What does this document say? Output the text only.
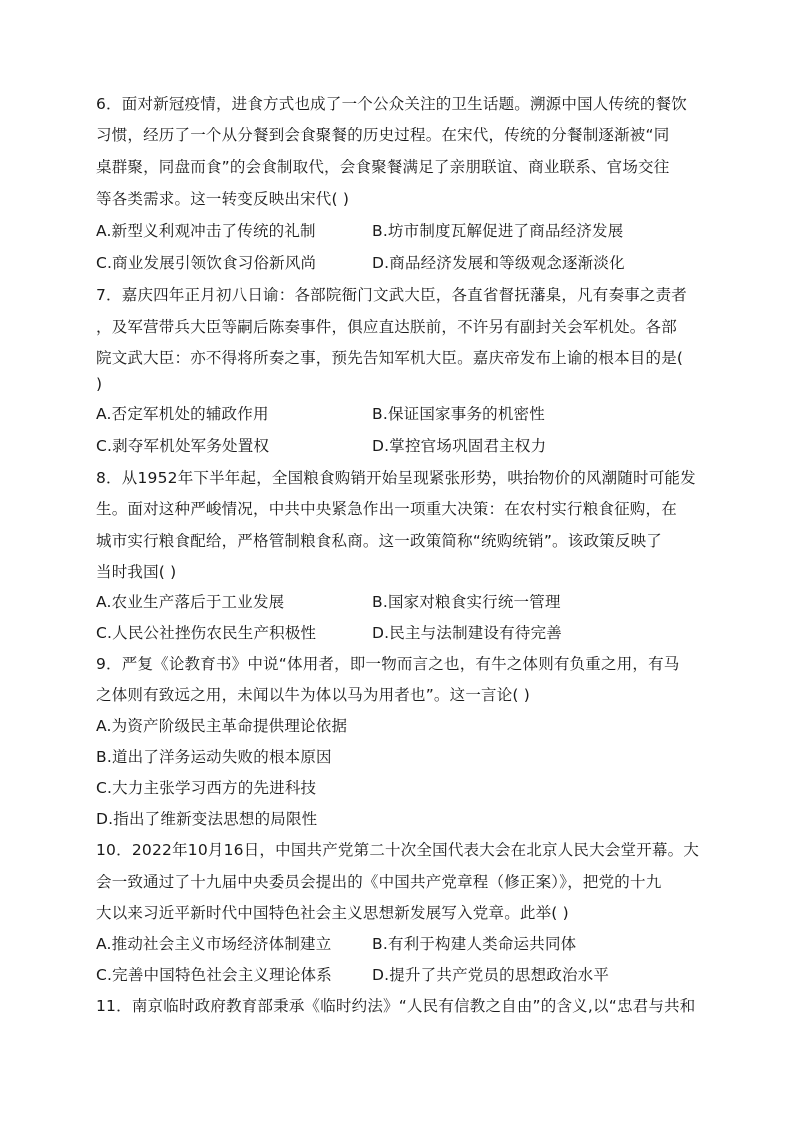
6．面对新冠疫情，进食方式也成了一个公众关注的卫生话题。溯源中国人传统的餐饮
习惯，经历了一个从分餐到会食聚餐的历史过程。在宋代，传统的分餐制逐渐被“同
桌群聚，同盘而食”的会食制取代，会食聚餐满足了亲朋联谊、商业联系、官场交往
等各类需求。这一转变反映出宋代( )
A.新型义利观冲击了传统的礼制	B.坊市制度瓦解促进了商品经济发展
C.商业发展引领饮食习俗新风尚	D.商品经济发展和等级观念逐渐淡化
7．嘉庆四年正月初八日谕：各部院衙门文武大臣，各直省督抚藩臬，凡有奏事之责者
，及军营带兵大臣等嗣后陈奏事件，俱应直达朕前，不许另有副封关会军机处。各部
院文武大臣：亦不得将所奏之事，预先告知军机大臣。嘉庆帝发布上谕的根本目的是(
)
A.否定军机处的辅政作用	B.保证国家事务的机密性
C.剥夺军机处军务处置权	D.掌控官场巩固君主权力
8．从1952年下半年起，全国粮食购销开始呈现紧张形势，哄抬物价的风潮随时可能发
生。面对这种严峻情况，中共中央紧急作出一项重大决策：在农村实行粮食征购，在
城市实行粮食配给，严格管制粮食私商。这一政策简称“统购统销”。该政策反映了
当时我国( )
A.农业生产落后于工业发展	B.国家对粮食实行统一管理
C.人民公社挫伤农民生产积极性	D.民主与法制建设有待完善
9．严复《论教育书》中说“体用者，即一物而言之也，有牛之体则有负重之用，有马
之体则有致远之用，未闻以牛为体以马为用者也”。这一言论( )
A.为资产阶级民主革命提供理论依据
B.道出了洋务运动失败的根本原因
C.大力主张学习西方的先进科技
D.指出了维新变法思想的局限性
10．2022年10月16日，中国共产党第二十次全国代表大会在北京人民大会堂开幕。大
会一致通过了十九届中央委员会提出的《中国共产党章程（修正案）》，把党的十九
大以来习近平新时代中国特色社会主义思想新发展写入党章。此举( )
A.推动社会主义市场经济体制建立	B.有利于构建人类命运共同体
C.完善中国特色社会主义理论体系	D.提升了共产党员的思想政治水平
11．南京临时政府教育部秉承《临时约法》“人民有信教之自由”的含义,以“忠君与共和
